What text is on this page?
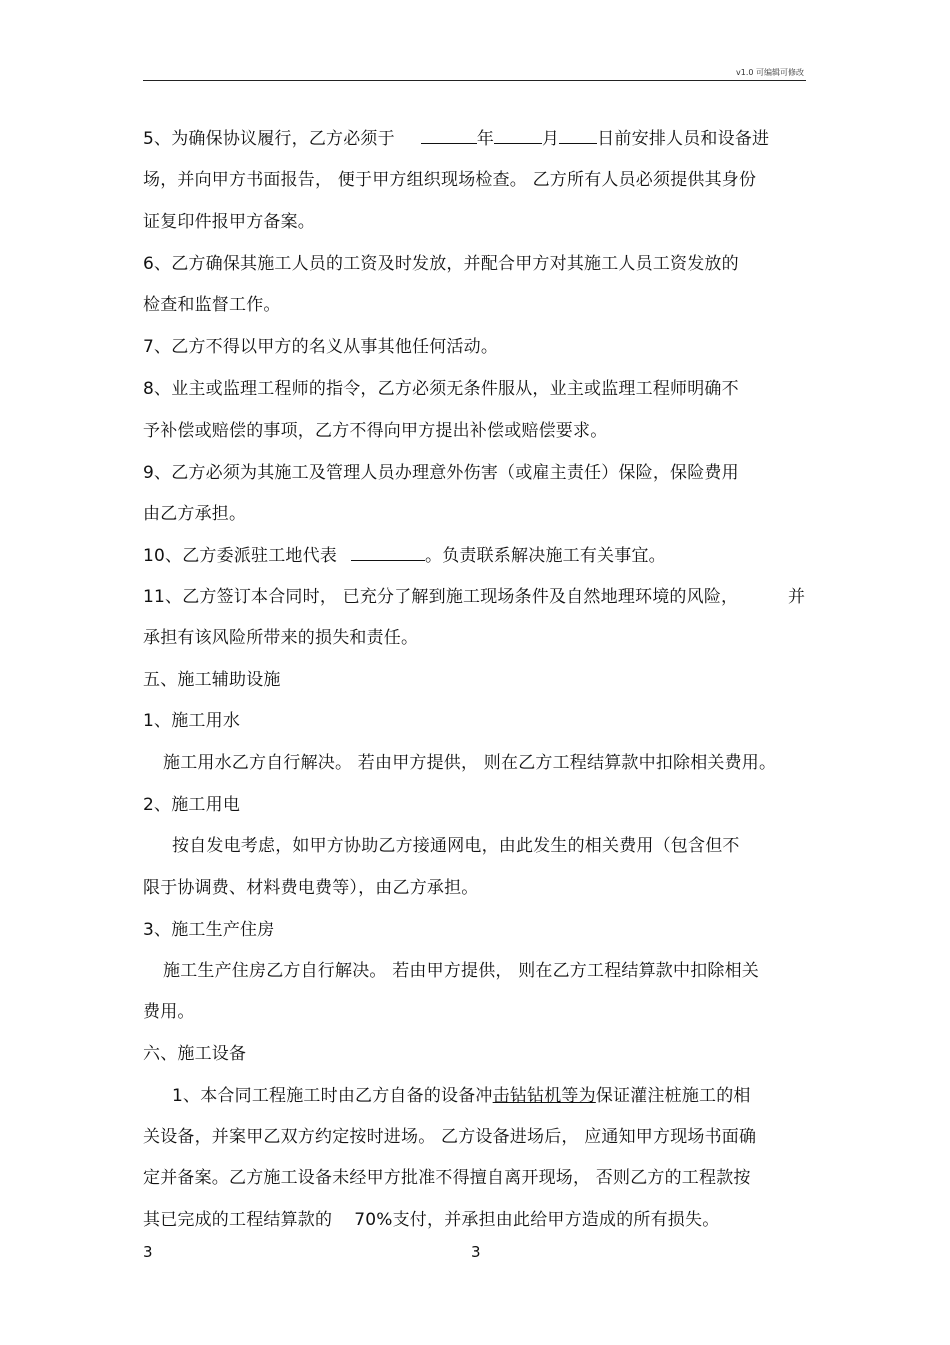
v1.0 可编辑可修改
5、为确保协议履行，乙方必须于	年	月 日前安排人员和设备进
场，并向甲方书面报告， 便于甲方组织现场检查。 乙方所有人员必须提供其身份
证复印件报甲方备案。
6、乙方确保其施工人员的工资及时发放，并配合甲方对其施工人员工资发放的
检查和监督工作。
7、乙方不得以甲方的名义从事其他任何活动。
8、业主或监理工程师的指令，乙方必须无条件服从，业主或监理工程师明确不
予补偿或赔偿的事项，乙方不得向甲方提出补偿或赔偿要求。
9、乙方必须为其施工及管理人员办理意外伤害（或雇主责任）保险，保险费用
由乙方承担。
10、乙方委派驻工地代表	。负责联系解决施工有关事宜。
11、乙方签订本合同时， 已充分了解到施工现场条件及自然地理环境的风险，	并
承担有该风险所带来的损失和责任。
五、施工辅助设施
1、施工用水
施工用水乙方自行解决。 若由甲方提供， 则在乙方工程结算款中扣除相关费用。
2、施工用电
按自发电考虑，如甲方协助乙方接通网电，由此发生的相关费用（包含但不
限于协调费、材料费电费等），由乙方承担。
3、施工生产住房
施工生产住房乙方自行解决。 若由甲方提供， 则在乙方工程结算款中扣除相关
费用。
六、施工设备
1、本合同工程施工时由乙方自备的设备冲击钻钻机等为保证灌注桩施工的相
关设备，并案甲乙双方约定按时进场。 乙方设备进场后， 应通知甲方现场书面确
定并备案。乙方施工设备未经甲方批准不得擅自离开现场， 否则乙方的工程款按
其已完成的工程结算款的 70%支付，并承担由此给甲方造成的所有损失。
3	3
